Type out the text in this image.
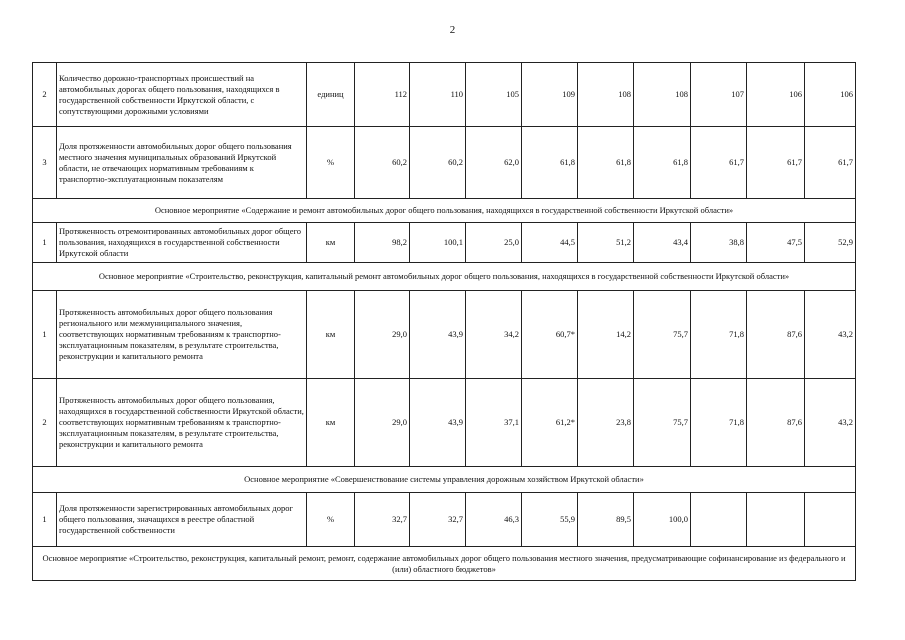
2
2	Количество дорожно-транспортных происшествий на автомобильных дорогах общего пользования, находящихся в государственной собственности Иркутской области, с сопутствующими дорожными условиями	единиц	112	110	105	109	108	108	107	106	106
3	Доля протяженности автомобильных дорог общего пользования местного значения муниципальных образований Иркутской области, не отвечающих нормативным требованиям к транспортно-эксплуатационным показателям	%	60,2	60,2	62,0	61,8	61,8	61,8	61,7	61,7	61,7
Основное мероприятие «Содержание и ремонт автомобильных дорог общего пользования, находящихся в государственной собственности Иркутской области»											
1	Протяженность отремонтированных автомобильных дорог общего пользования, находящихся в государственной собственности Иркутской области	км	98,2	100,1	25,0	44,5	51,2	43,4	38,8	47,5	52,9
Основное мероприятие «Строительство, реконструкция, капитальный ремонт автомобильных дорог общего пользования, находящихся в государственной собственности Иркутской области»											
1	Протяженность автомобильных дорог общего пользования регионального или межмуниципального значения, соответствующих нормативным требованиям к транспортно-эксплуатационным показателям, в результате строительства, реконструкции и капитального ремонта	км	29,0	43,9	34,2	60,7*	14,2	75,7	71,8	87,6	43,2
2	Протяженность автомобильных дорог общего пользования, находящихся в государственной собственности Иркутской области, соответствующих нормативным требованиям к транспортно-эксплуатационным показателям, в результате строительства, реконструкции и капитального ремонта	км	29,0	43,9	37,1	61,2*	23,8	75,7	71,8	87,6	43,2
Основное мероприятие «Совершенствование системы управления дорожным хозяйством Иркутской области»											
1	Доля протяженности зарегистрированных автомобильных дорог общего пользования, значащихся в реестре областной государственной собственности	%	32,7	32,7	46,3	55,9	89,5	100,0			
Основное мероприятие «Строительство, реконструкция, капитальный ремонт, ремонт, содержание автомобильных дорог общего пользования местного значения, предусматривающие софинансирование из федерального и (или) областного бюджетов»											
